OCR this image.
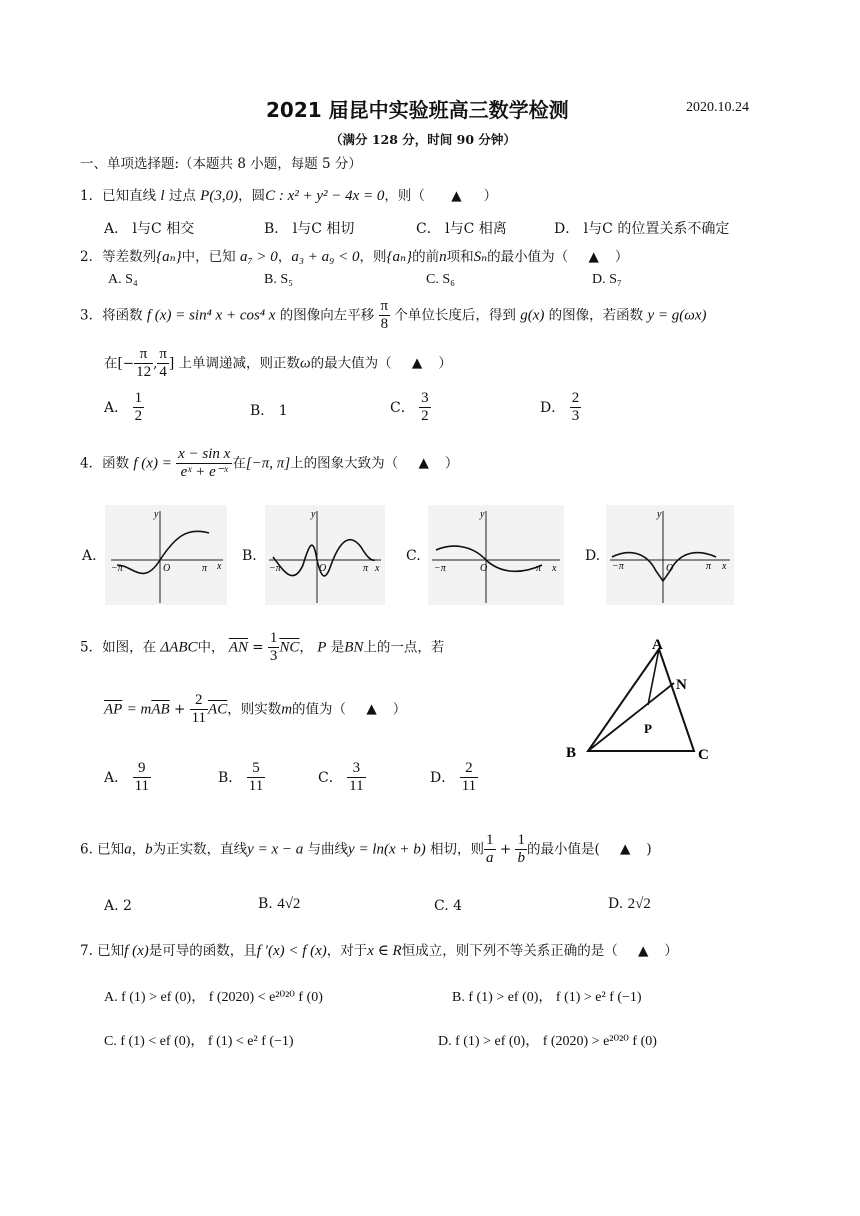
2021 届昆中实验班高三数学检测	2020.10.24
（满分 128 分，时间 90 分钟）
一、单项选择题:（本题共 8 小题，每题 5 分）
1．已知直线 l 过点 P(3,0)，圆C : x² + y² − 4x = 0，则（ ▲ ）
A． l与C 相交	B． l与C 相切	C． l与C 相离	D． l与C 的位置关系不确定
2．等差数列{aₙ}中，已知 a₇ > 0，a₃ + a₉ < 0，则{aₙ}的前n项和Sₙ的最小值为（ ▲ ）
A. S₄	B. S₅	C. S₆	D. S₇
3．将函数 f (x) = sin⁴ x + cos⁴ x 的图像向左平移 $\frac{\pi}{8}$ 个单位长度后，得到 g(x) 的图像，若函数 y = g(ωx)
在[− $\frac{\pi}{12}$ , $\frac{\pi}{4}$ ] 上单调递减，则正数ω的最大值为（ ▲ ）
A． $\frac{1}{2}$	B． 1	C． $\frac{3}{2}$	D． $\frac{2}{3}$
4．函数 f $(x) = \frac{\text{x − sin x}}{\text{eˣ + e⁻ˣ}}$ 在[−π, π]上的图象大致为（ ▲ ）
A.	B.	C.	D.
y
x
−π	π
O
y
x
−π	π
O
y
x
−π	π
O
y
x
−π	π
O
5．如图，在 ΔABC中， $\overline{AN} = \frac{1}{3} \overline{NC}$， P 是BN上的一点，若
$\overline{AP} = m\overline{AB} + \frac{2}{11} \overline{AC}$，则实数m的值为（ ▲ ）
A． $\frac{9}{11}$	B． $\frac{5}{11}$	C． $\frac{3}{11}$	D． $\frac{2}{11}$
A
N
P
B	C
6. 已知a，b为正实数，直线y = x − a 与曲线y = ln(x + b) 相切，则 $\frac{1}{a} + \frac{1}{b}$ 的最小值是( ▲ )
A. 2	B. 4√2	C. 4	D. 2√2
7. 已知f (x)是可导的函数，且f ′(x) < f (x)，对于x ∈ R恒成立，则下列不等关系正确的是（ ▲ ）
A. f (1) > ef (0)， f (2020) < e²⁰²⁰ f (0)	B. f (1) > ef (0)， f (1) > e² f (−1)
C. f (1) < ef (0)， f (1) < e² f (−1)	D. f (1) > ef (0)， f (2020) > e²⁰²⁰ f (0)
